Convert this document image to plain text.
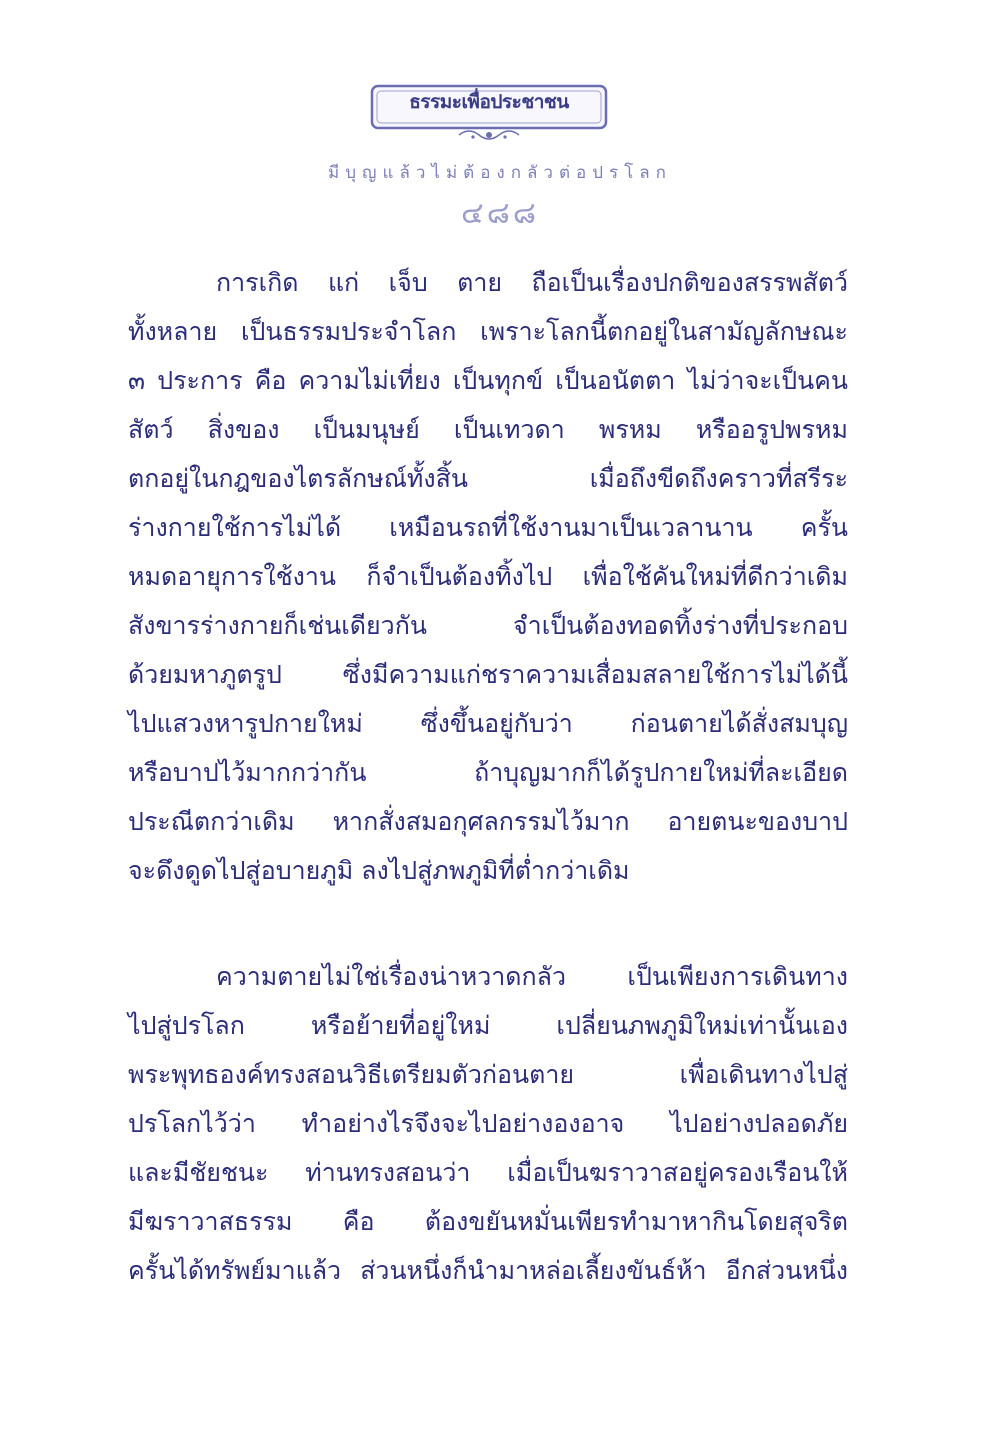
ธรรมะเพื่อประชาชน
มีบุญแล้วไม่ต้องกลัวต่อปรโลก
๔๘๘
การเกิด แก่ เจ็บ ตาย ถือเป็นเรื่องปกติของสรรพสัตว์
ทั้งหลาย เป็นธรรมประจำโลก เพราะโลกนี้ตกอยู่ในสามัญลักษณะ
๓ ประการ คือ ความไม่เที่ยง เป็นทุกข์ เป็นอนัตตา ไม่ว่าจะเป็นคน
สัตว์ สิ่งของ เป็นมนุษย์ เป็นเทวดา พรหม หรืออรูปพรหม
ตกอยู่ในกฎของไตรลักษณ์ทั้งสิ้น เมื่อถึงขีดถึงคราวที่สรีระ
ร่างกายใช้การไม่ได้ เหมือนรถที่ใช้งานมาเป็นเวลานาน ครั้น
หมดอายุการใช้งาน ก็จำเป็นต้องทิ้งไป เพื่อใช้คันใหม่ที่ดีกว่าเดิม
สังขารร่างกายก็เช่นเดียวกัน จำเป็นต้องทอดทิ้งร่างที่ประกอบ
ด้วยมหาภูตรูป ซึ่งมีความแก่ชราความเสื่อมสลายใช้การไม่ได้นี้
ไปแสวงหารูปกายใหม่ ซึ่งขึ้นอยู่กับว่า ก่อนตายได้สั่งสมบุญ
หรือบาปไว้มากกว่ากัน ถ้าบุญมากก็ได้รูปกายใหม่ที่ละเอียด
ประณีตกว่าเดิม หากสั่งสมอกุศลกรรมไว้มาก อายตนะของบาป
จะดึงดูดไปสู่อบายภูมิ ลงไปสู่ภพภูมิที่ต่ำกว่าเดิม
ความตายไม่ใช่เรื่องน่าหวาดกลัว เป็นเพียงการเดินทาง
ไปสู่ปรโลก หรือย้ายที่อยู่ใหม่ เปลี่ยนภพภูมิใหม่เท่านั้นเอง
พระพุทธองค์ทรงสอนวิธีเตรียมตัวก่อนตาย เพื่อเดินทางไปสู่
ปรโลกไว้ว่า ทำอย่างไรจึงจะไปอย่างองอาจ ไปอย่างปลอดภัย
และมีชัยชนะ ท่านทรงสอนว่า เมื่อเป็นฆราวาสอยู่ครองเรือนให้
มีฆราวาสธรรม คือ ต้องขยันหมั่นเพียรทำมาหากินโดยสุจริต
ครั้นได้ทรัพย์มาแล้ว ส่วนหนึ่งก็นำมาหล่อเลี้ยงขันธ์ห้า อีกส่วนหนึ่ง
